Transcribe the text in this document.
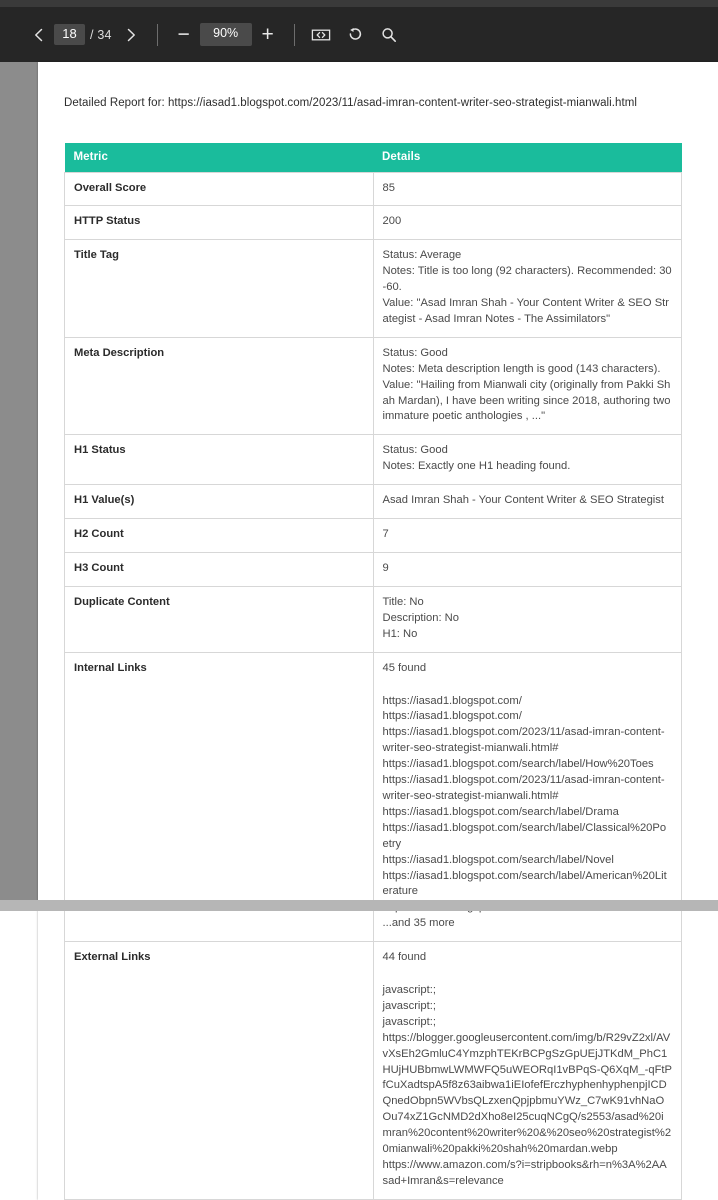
18	/ 34	−	90%	+
Detailed Report for: https://iasad1.blogspot.com/2023/11/asad-imran-content-writer-seo-strategist-mianwali.html
Metric	Details
Overall Score	85

HTTP Status	200

Title Tag	Status: Average
Notes: Title is too long (92 characters). Recommended: 30-60.
Value: "Asad Imran Shah - Your Content Writer & SEO Strategist - Asad Imran Notes - The Assimilators"

Meta Description	Status: Good
Notes: Meta description length is good (143 characters).
Value: "Hailing from Mianwali city (originally from Pakki Shah Mardan), I have been writing since 2018, authoring two immature poetic anthologies , ..."

H1 Status	Status: Good
Notes: Exactly one H1 heading found.

H1 Value(s)	Asad Imran Shah - Your Content Writer & SEO Strategist

H2 Count	7

H3 Count	9

Duplicate Content	Title: No
Description: No
H1: No

Internal Links	45 found
https://iasad1.blogspot.com/
https://iasad1.blogspot.com/
https://iasad1.blogspot.com/2023/11/asad-imran-content-writer-seo-strategist-mianwali.html#
https://iasad1.blogspot.com/search/label/How%20Toes
https://iasad1.blogspot.com/2023/11/asad-imran-content-writer-seo-strategist-mianwali.html#
https://iasad1.blogspot.com/search/label/Drama
https://iasad1.blogspot.com/search/label/Classical%20Poetry
https://iasad1.blogspot.com/search/label/Novel
https://iasad1.blogspot.com/search/label/American%20Literature
...and 35 more

External Links	44 found
javascript:;
javascript:;
javascript:;
https://blogger.googleusercontent.com/img/b/R29vZ2xl/AVvXsEh2GmluC4YmzphTEKrBCPgSzGpUEjJTKdM_PhC1HUjHUBbmwLWMWFQ5uWEORqI1vBPqS-Q6XqM_-qFtPfCuXadtspA5f8z63aibwa1iEIofefErczhyphenhyphenpjICDQnedObpn5WVbsQLzxenQpjpbmuYWz_C7wK91vhNaOOu74xZ1GcNMD2dXho8eI25cuqNCgQ/s2553/asad%20imran%20content%20writer%20&%20seo%20strategist%20mianwali%20pakki%20shah%20mardan.webp
https://www.amazon.com/s?i=stripbooks&rh=n%3A%2AAsad+Imran&s=relevance
